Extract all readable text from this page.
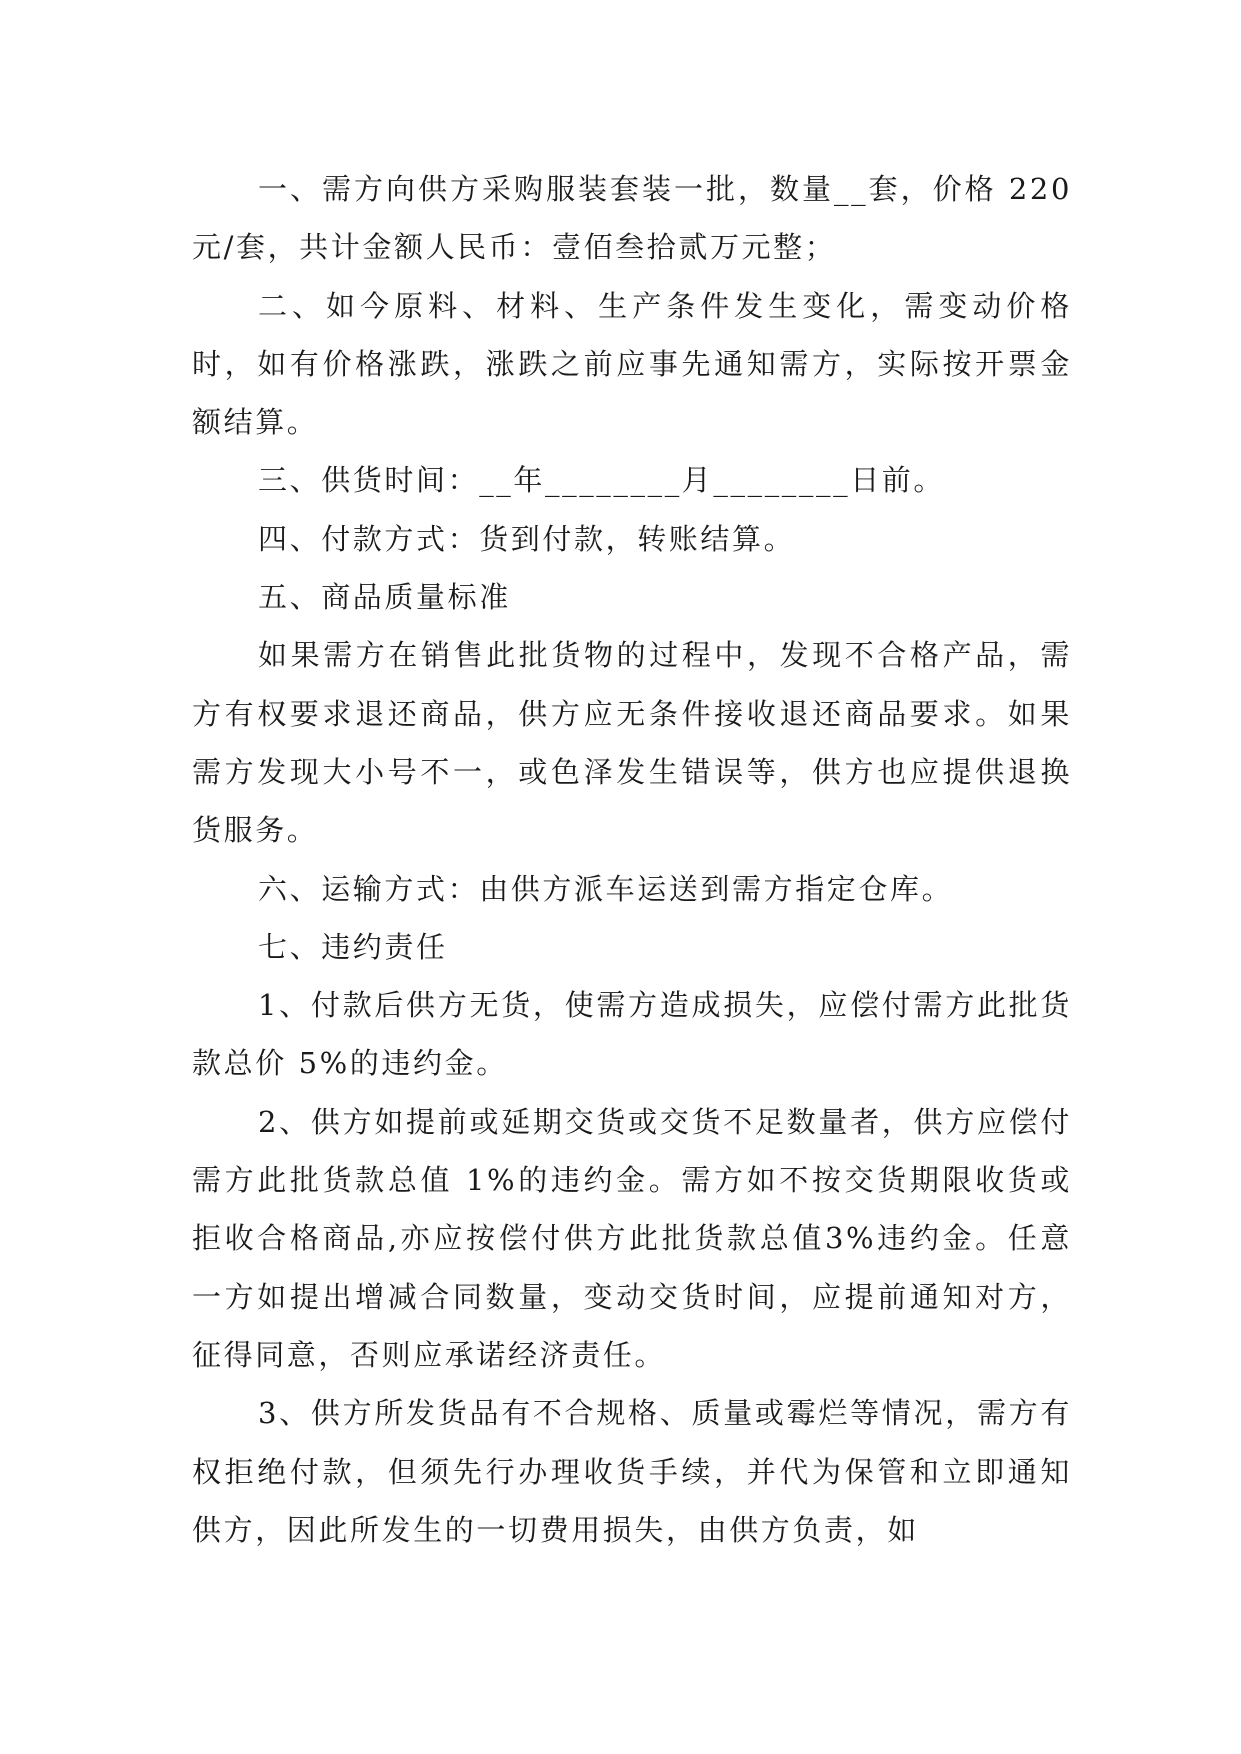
一、需方向供方采购服装套装一批，数量__套，价格 220 元/套，共计金额人民币：壹佰叁拾贰万元整；

二、如今原料、材料、生产条件发生变化，需变动价格时，如有价格涨跌，涨跌之前应事先通知需方，实际按开票金额结算。

三、供货时间：__年________月________日前。

四、付款方式：货到付款，转账结算。

五、商品质量标准

如果需方在销售此批货物的过程中，发现不合格产品，需方有权要求退还商品，供方应无条件接收退还商品要求。如果需方发现大小号不一，或色泽发生错误等，供方也应提供退换货服务。

六、运输方式：由供方派车运送到需方指定仓库。

七、违约责任

1、付款后供方无货，使需方造成损失，应偿付需方此批货款总价 5%的违约金。

2、供方如提前或延期交货或交货不足数量者，供方应偿付需方此批货款总值 1%的违约金。需方如不按交货期限收货或拒收合格商品,亦应按偿付供方此批货款总值3%违约金。任意一方如提出增减合同数量，变动交货时间，应提前通知对方，征得同意，否则应承诺经济责任。

3、供方所发货品有不合规格、质量或霉烂等情况，需方有权拒绝付款，但须先行办理收货手续，并代为保管和立即通知供方，因此所发生的一切费用损失，由供方负责，如
